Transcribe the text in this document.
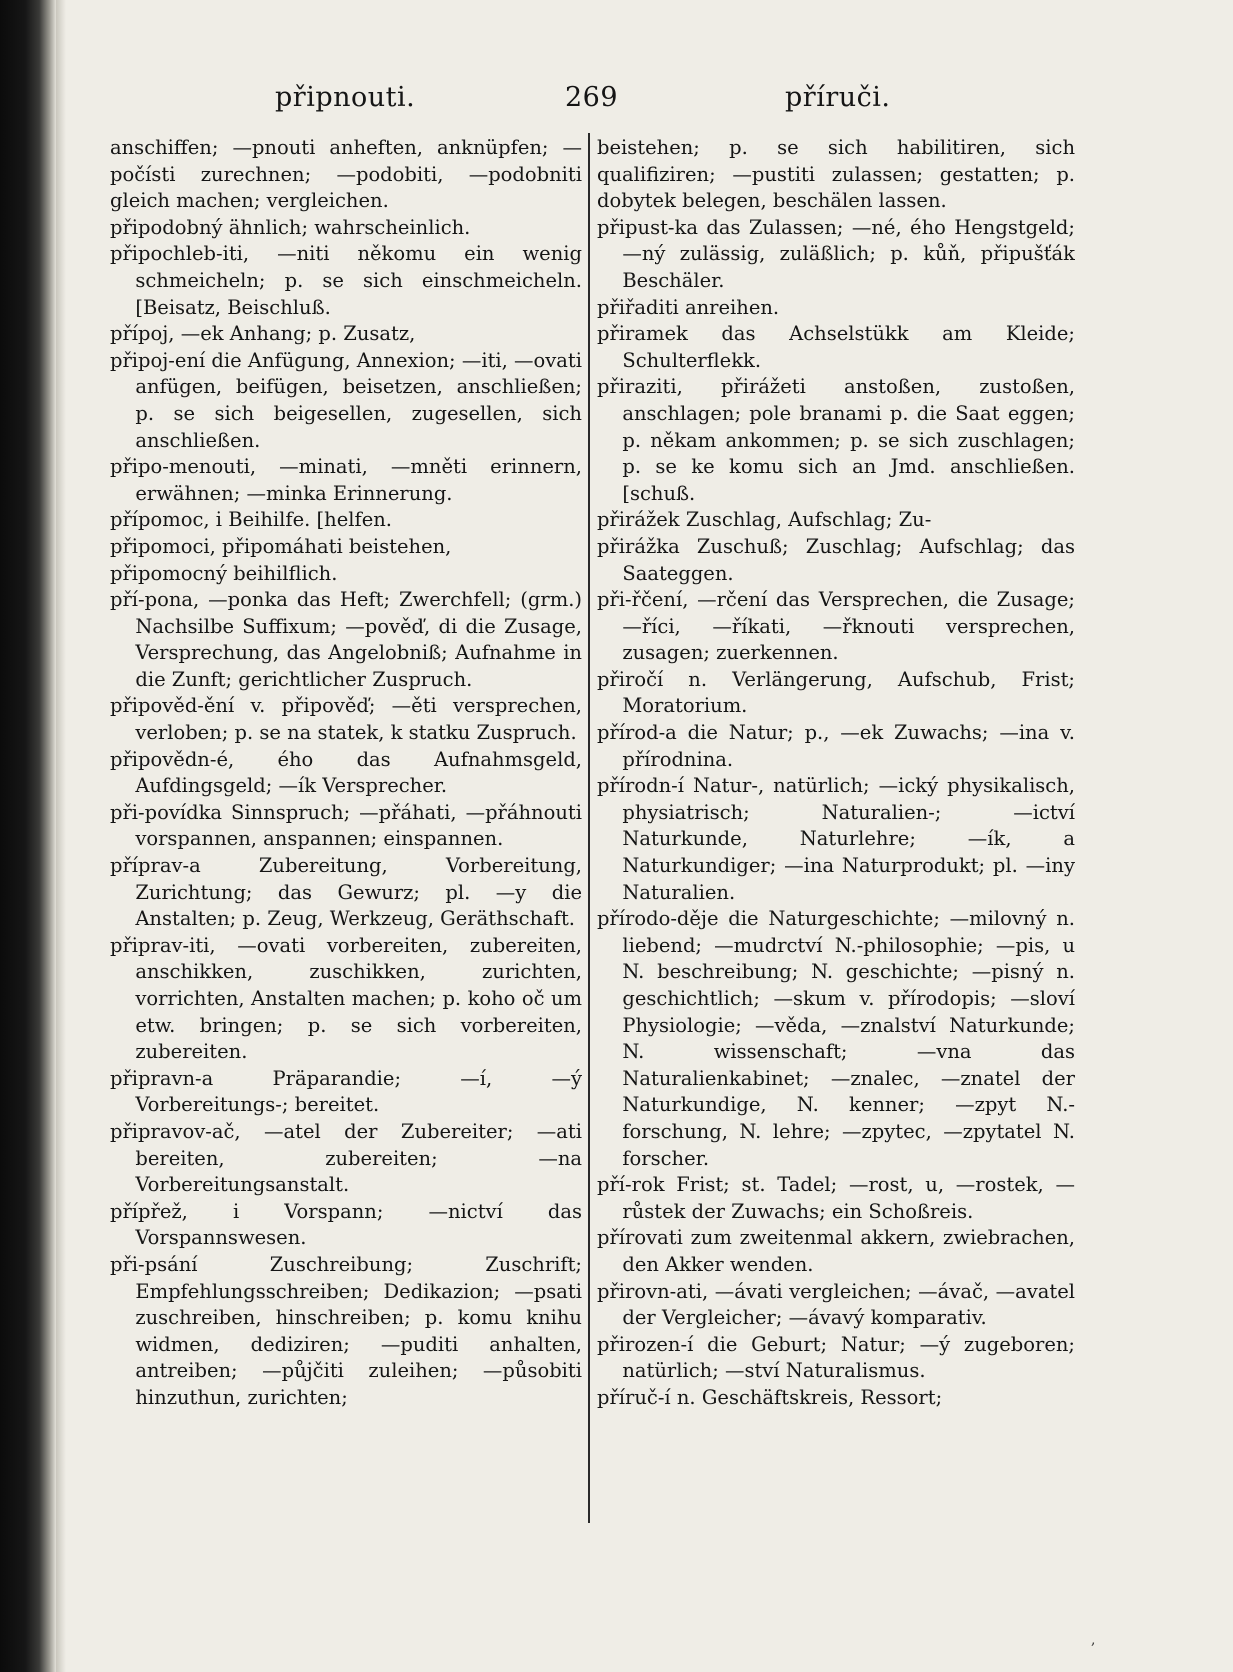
připnouti.	269	příruči.

anschiffen; —pnouti anheften, anknüpfen; —počísti zurechnen; —podobiti, —podobniti gleich machen; vergleichen.

připodobný ähnlich; wahrscheinlich.

připochleb-iti, —niti někomu ein wenig schmeicheln; p. se sich einschmeicheln. [Beisatz, Beischluß.

přípoj, —ek Anhang; p. Zusatz,

připoj-ení die Anfügung, Annexion; —iti, —ovati anfügen, beifügen, beisetzen, anschließen; p. se sich beigesellen, zugesellen, sich anschließen.

připo-menouti, —minati, —mněti erinnern, erwähnen; —minka Erinnerung.

přípomoc, i Beihilfe. [helfen.

připomoci, připomáhati beistehen,

připomocný beihilflich.

pří-pona, —ponka das Heft; Zwerchfell; (grm.) Nachsilbe Suffixum; —pověď, di die Zusage, Versprechung, das Angelobniß; Aufnahme in die Zunft; gerichtlicher Zuspruch.

připověd-ění v. připověď; —ěti versprechen, verloben; p. se na statek, k statku Zuspruch.

připovědn-é, ého das Aufnahmsgeld, Aufdingsgeld; —ík Versprecher.

při-povídka Sinnspruch; —přáhati, —přáhnouti vorspannen, anspannen; einspannen.

příprav-a Zubereitung, Vorbereitung, Zurichtung; das Gewurz; pl. —y die Anstalten; p. Zeug, Werkzeug, Geräthschaft.

připrav-iti, —ovati vorbereiten, zubereiten, anschikken, zuschikken, zurichten, vorrichten, Anstalten machen; p. koho oč um etw. bringen; p. se sich vorbereiten, zubereiten.

připravn-a Präparandie; —í, —ý Vorbereitungs-; bereitet.

připravov-ač, —atel der Zubereiter; —ati bereiten, zubereiten; —na Vorbereitungsanstalt.

přípřež, i Vorspann; —nictví das Vorspannswesen.

při-psání Zuschreibung; Zuschrift; Empfehlungsschreiben; Dedikazion; —psati zuschreiben, hinschreiben; p. komu knihu widmen, dediziren; —puditi anhalten, antreiben; —půjčiti zuleihen; —působiti hinzuthun, zurichten;

beistehen; p. se sich habilitiren, sich qualifiziren; —pustiti zulassen; gestatten; p. dobytek belegen, beschälen lassen.

připust-ka das Zulassen; —né, ého Hengstgeld; —ný zulässig, zuläßlich; p. kůň, připušťák Beschäler.

přiřaditi anreihen.

přiramek das Achselstükk am Kleide; Schulterflekk.

přiraziti, přirážeti anstoßen, zustoßen, anschlagen; pole branami p. die Saat eggen; p. někam ankommen; p. se sich zuschlagen; p. se ke komu sich an Jmd. anschließen. [schuß.

přirážek Zuschlag, Aufschlag; Zu-

přirážka Zuschuß; Zuschlag; Aufschlag; das Saateggen.

při-řčení, —rčení das Versprechen, die Zusage; —říci, —říkati, —řknouti versprechen, zusagen; zuerkennen.

přiročí n. Verlängerung, Aufschub, Frist; Moratorium.

přírod-a die Natur; p., —ek Zuwachs; —ina v. přírodnina.

přírodn-í Natur-, natürlich; —ický physikalisch, physiatrisch; Naturalien-; —ictví Naturkunde, Naturlehre; —ík, a Naturkundiger; —ina Naturprodukt; pl. —iny Naturalien.

přírodo-děje die Naturgeschichte; —milovný n. liebend; —mudrctví N.-philosophie; —pis, u N. beschreibung; N. geschichte; —pisný n. geschichtlich; —skum v. přírodopis; —sloví Physiologie; —věda, —znalství Naturkunde; N. wissenschaft; —vna das Naturalienkabinet; —znalec, —znatel der Naturkundige, N. kenner; —zpyt N.-forschung, N. lehre; —zpytec, —zpytatel N. forscher.

pří-rok Frist; st. Tadel; —rost, u, —rostek, —růstek der Zuwachs; ein Schoßreis.

přírovati zum zweitenmal akkern, zwiebrachen, den Akker wenden.

přirovn-ati, —ávati vergleichen; —ávač, —avatel der Vergleicher; —ávavý komparativ.

přirozen-í die Geburt; Natur; —ý zugeboren; natürlich; —ství Naturalismus.

příruč-í n. Geschäftskreis, Ressort;

,
